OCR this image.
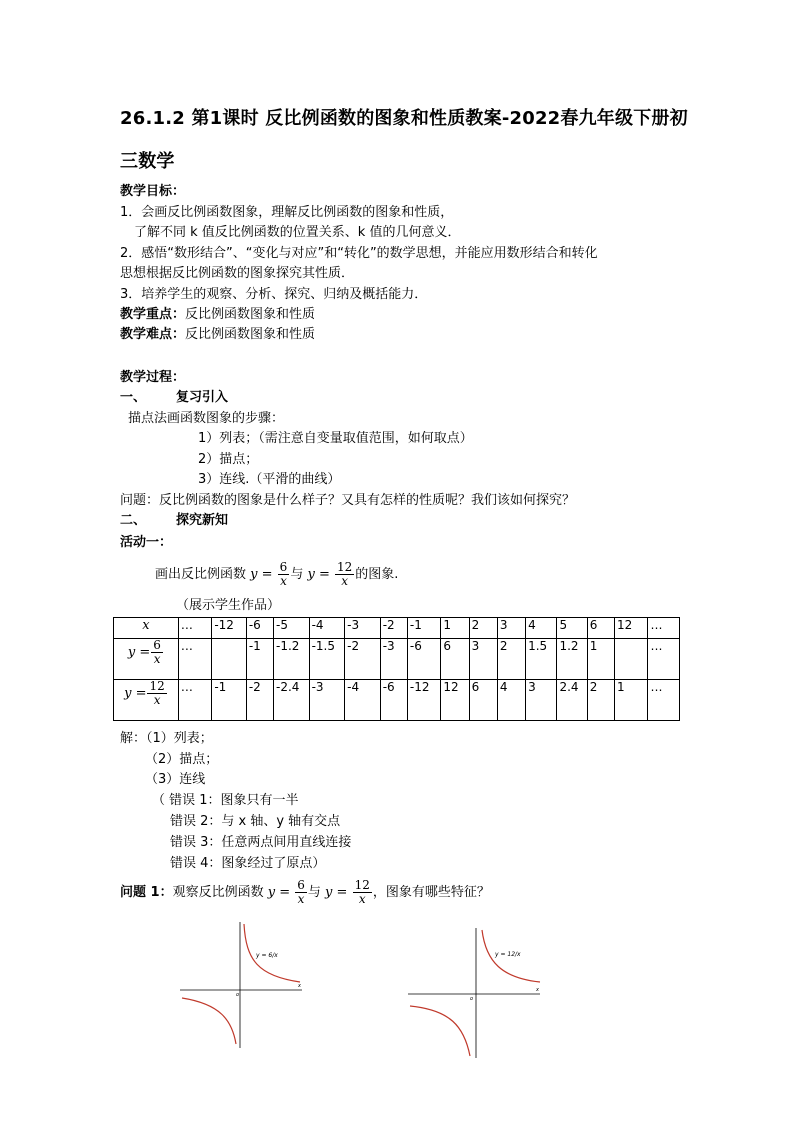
26.1.2 第1课时 反比例函数的图象和性质教案-2022春九年级下册初
三数学
教学目标：
1．会画反比例函数图象，理解反比例函数的图象和性质，
了解不同 k 值反比例函数的位置关系、k 值的几何意义．
2．感悟“数形结合”、“变化与对应”和“转化”的数学思想，并能应用数形结合和转化
思想根据反比例函数的图象探究其性质．
3．培养学生的观察、分析、探究、归纳及概括能力．
教学重点：反比例函数图象和性质
教学难点：反比例函数图象和性质
教学过程：
一、 复习引入
描点法画函数图象的步骤：
1）列表；（需注意自变量取值范围，如何取点）
2）描点；
3）连线.（平滑的曲线）
问题：反比例函数的图象是什么样子？又具有怎样的性质呢？我们该如何探究？
二、 探究新知
活动一：
画出反比例函数 $y = \frac{6}{x}$ 与 $y = \frac{12}{x}$ 的图象.
（展示学生作品）
x	…	-12	-6	-5	-4	-3	-2	-1	1	2	3	4	5	6	12	…
$y = \frac{6}{x}$	…		-1	-1.2	-1.5	-2	-3	-6	6	3	2	1.5	1.2	1		…
$y = \frac{12}{x}$	…	-1	-2	-2.4	-3	-4	-6	-12	12	6	4	3	2.4	2	1	…
解：（1）列表；
（2）描点；
（3）连线
（ 错误 1：图象只有一半
错误 2：与 x 轴、y 轴有交点
错误 3：任意两点间用直线连接
错误 4：图象经过了原点）
问题 1：观察反比例函数 $y = \frac{6}{x}$ 与 $y = \frac{12}{x}$ ，图象有哪些特征？
x
o
y = 6/x
x
o
y = 12/x
